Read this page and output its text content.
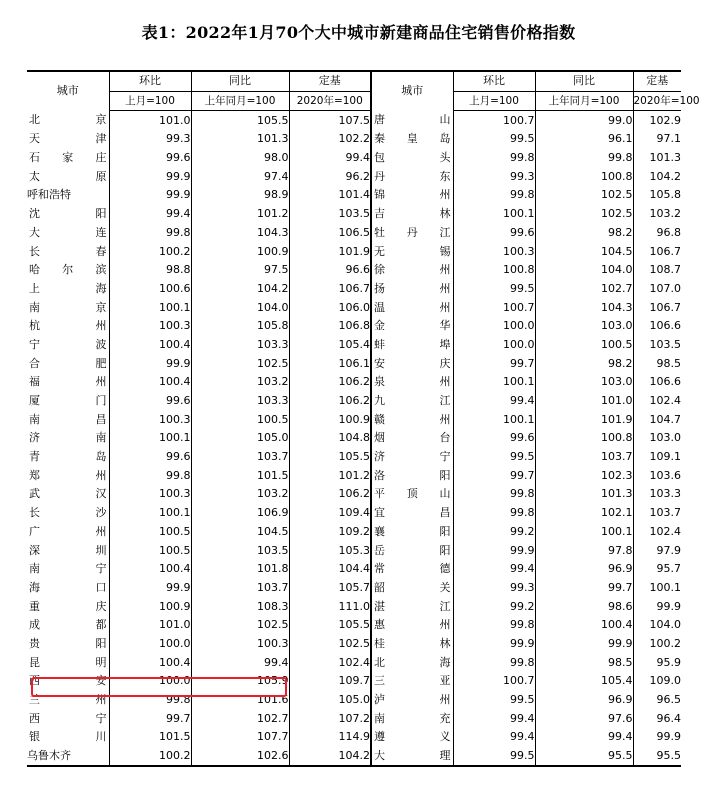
表1：2022年1月70个大中城市新建商品住宅销售价格指数
城市	环比	同比	定基	城市	环比	同比	定基
	上月=100	上年同月=100	2020年=100		上月=100	上年同月=100	2020年=100

北 京	101.0	105.5	107.5	唐 山	100.7	99.0	102.9

天 津	99.3	101.3	102.2	秦 皇 岛	99.5	96.1	97.1

石 家 庄	99.6	98.0	99.4	包 头	99.8	99.8	101.3

太 原	99.9	97.4	96.2	丹 东	99.3	100.8	104.2

呼和浩特	99.9	98.9	101.4	锦 州	99.8	102.5	105.8

沈 阳	99.4	101.2	103.5	吉 林	100.1	102.5	103.2

大 连	99.8	104.3	106.5	牡 丹 江	99.6	98.2	96.8

长 春	100.2	100.9	101.9	无 锡	100.3	104.5	106.7

哈 尔 滨	98.8	97.5	96.6	徐 州	100.8	104.0	108.7

上 海	100.6	104.2	106.7	扬 州	99.5	102.7	107.0

南 京	100.1	104.0	106.0	温 州	100.7	104.3	106.7

杭 州	100.3	105.8	106.8	金 华	100.0	103.0	106.6

宁 波	100.4	103.3	105.4	蚌 埠	100.0	100.5	103.5

合 肥	99.9	102.5	106.1	安 庆	99.7	98.2	98.5

福 州	100.4	103.2	106.2	泉 州	100.1	103.0	106.6

厦 门	99.6	103.3	106.2	九 江	99.4	101.0	102.4

南 昌	100.3	100.5	100.9	赣 州	100.1	101.9	104.7

济 南	100.1	105.0	104.8	烟 台	99.6	100.8	103.0

青 岛	99.6	103.7	105.5	济 宁	99.5	103.7	109.1

郑 州	99.8	101.5	101.2	洛 阳	99.7	102.3	103.6

武 汉	100.3	103.2	106.2	平 顶 山	99.8	101.3	103.3

长 沙	100.1	106.9	109.4	宜 昌	99.8	102.1	103.7

广 州	100.5	104.5	109.2	襄 阳	99.2	100.1	102.4

深 圳	100.5	103.5	105.3	岳 阳	99.9	97.8	97.9

南 宁	100.4	101.8	104.4	常 德	99.4	96.9	95.7

海 口	99.9	103.7	105.7	韶 关	99.3	99.7	100.1

重 庆	100.9	108.3	111.0	湛 江	99.2	98.6	99.9

成 都	101.0	102.5	105.5	惠 州	99.8	100.4	104.0

贵 阳	100.0	100.3	102.5	桂 林	99.9	99.9	100.2

昆 明	100.4	99.4	102.4	北 海	99.8	98.5	95.9

西 安	100.0	105.9	109.7	三 亚	100.7	105.4	109.0

兰 州	99.8	101.6	105.0	泸 州	99.5	96.9	96.5

西 宁	99.7	102.7	107.2	南 充	99.4	97.6	96.4

银 川	101.5	107.7	114.9	遵 义	99.4	99.4	99.9

乌鲁木齐	100.2	102.6	104.2	大 理	99.5	95.5	95.5
